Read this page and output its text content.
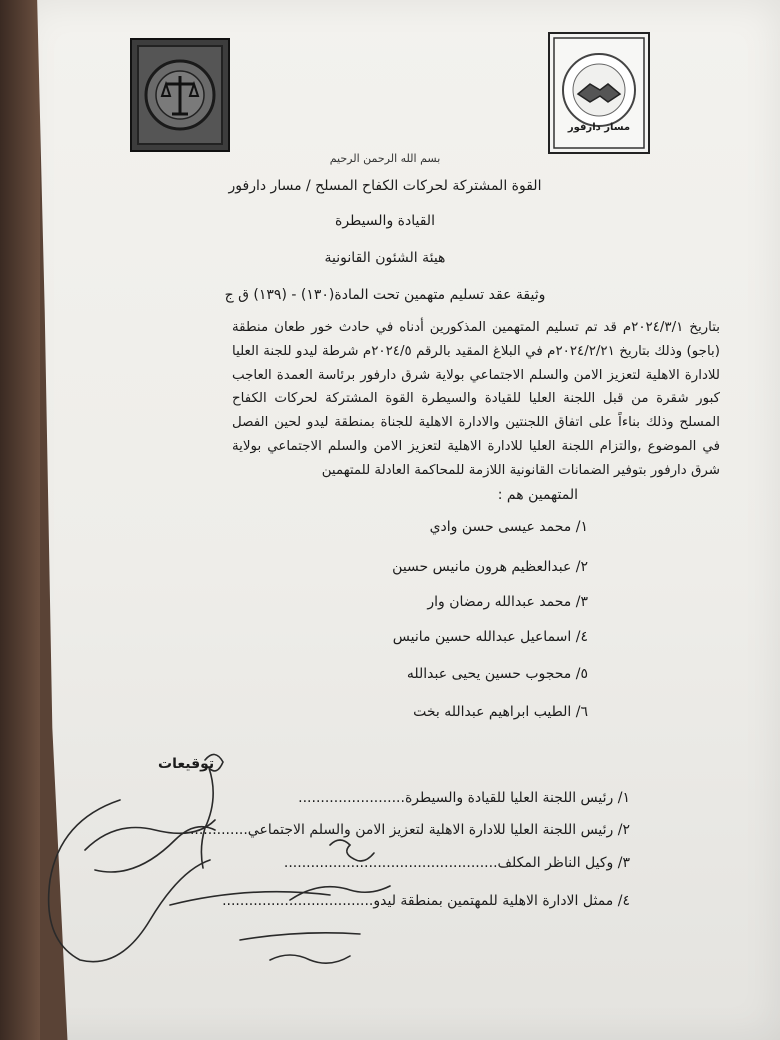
مسار دارفور
بسم الله الرحمن الرحيم
القوة المشتركة لحركات الكفاح المسلح / مسار دارفور
القيادة والسيطرة
هيئة الشئون القانونية
وثيقة عقد تسليم متهمين تحت المادة(١٣٠) - (١٣٩) ق ج
بتاريخ ٢٠٢٤/٣/١م قد تم تسليم المتهمين المذكورين أدناه في حادث خور طعان منطقة (باجو) وذلك بتاريخ ٢٠٢٤/٢/٢١م في البلاغ المقيد بالرقم ٢٠٢٤/٥م شرطة ليدو للجنة العليا للادارة الاهلية لتعزيز الامن والسلم الاجتماعي بولاية شرق دارفور برئاسة العمدة العاجب كبور شقرة من قبل اللجنة العليا للقيادة والسيطرة القوة المشتركة لحركات الكفاح المسلح وذلك بناءاً على اتفاق اللجنتين والادارة الاهلية للجناة بمنطقة ليدو لحين الفصل في الموضوع ,والتزام اللجنة العليا للادارة الاهلية لتعزيز الامن والسلم الاجتماعي بولاية شرق دارفور بتوفير الضمانات القانونية اللازمة للمحاكمة العادلة للمتهمين
المتهمين هم :
١/ محمد عيسى حسن وادي
٢/ عبدالعظيم هرون مانيس حسين
٣/ محمد عبدالله رمضان وار
٤/ اسماعيل عبدالله حسين مانيس
٥/ محجوب حسين يحيى عبدالله
٦/ الطيب ابراهيم عبدالله بخت
توقيعات
١/ رئيس اللجنة العليا للقيادة والسيطرة........................
٢/ رئيس اللجنة العليا للادارة الاهلية لتعزيز الامن والسلم الاجتماعي.............
٣/ وكيل الناظر المكلف................................................
٤/ ممثل الادارة الاهلية للمهتمين بمنطقة ليدو..................................
